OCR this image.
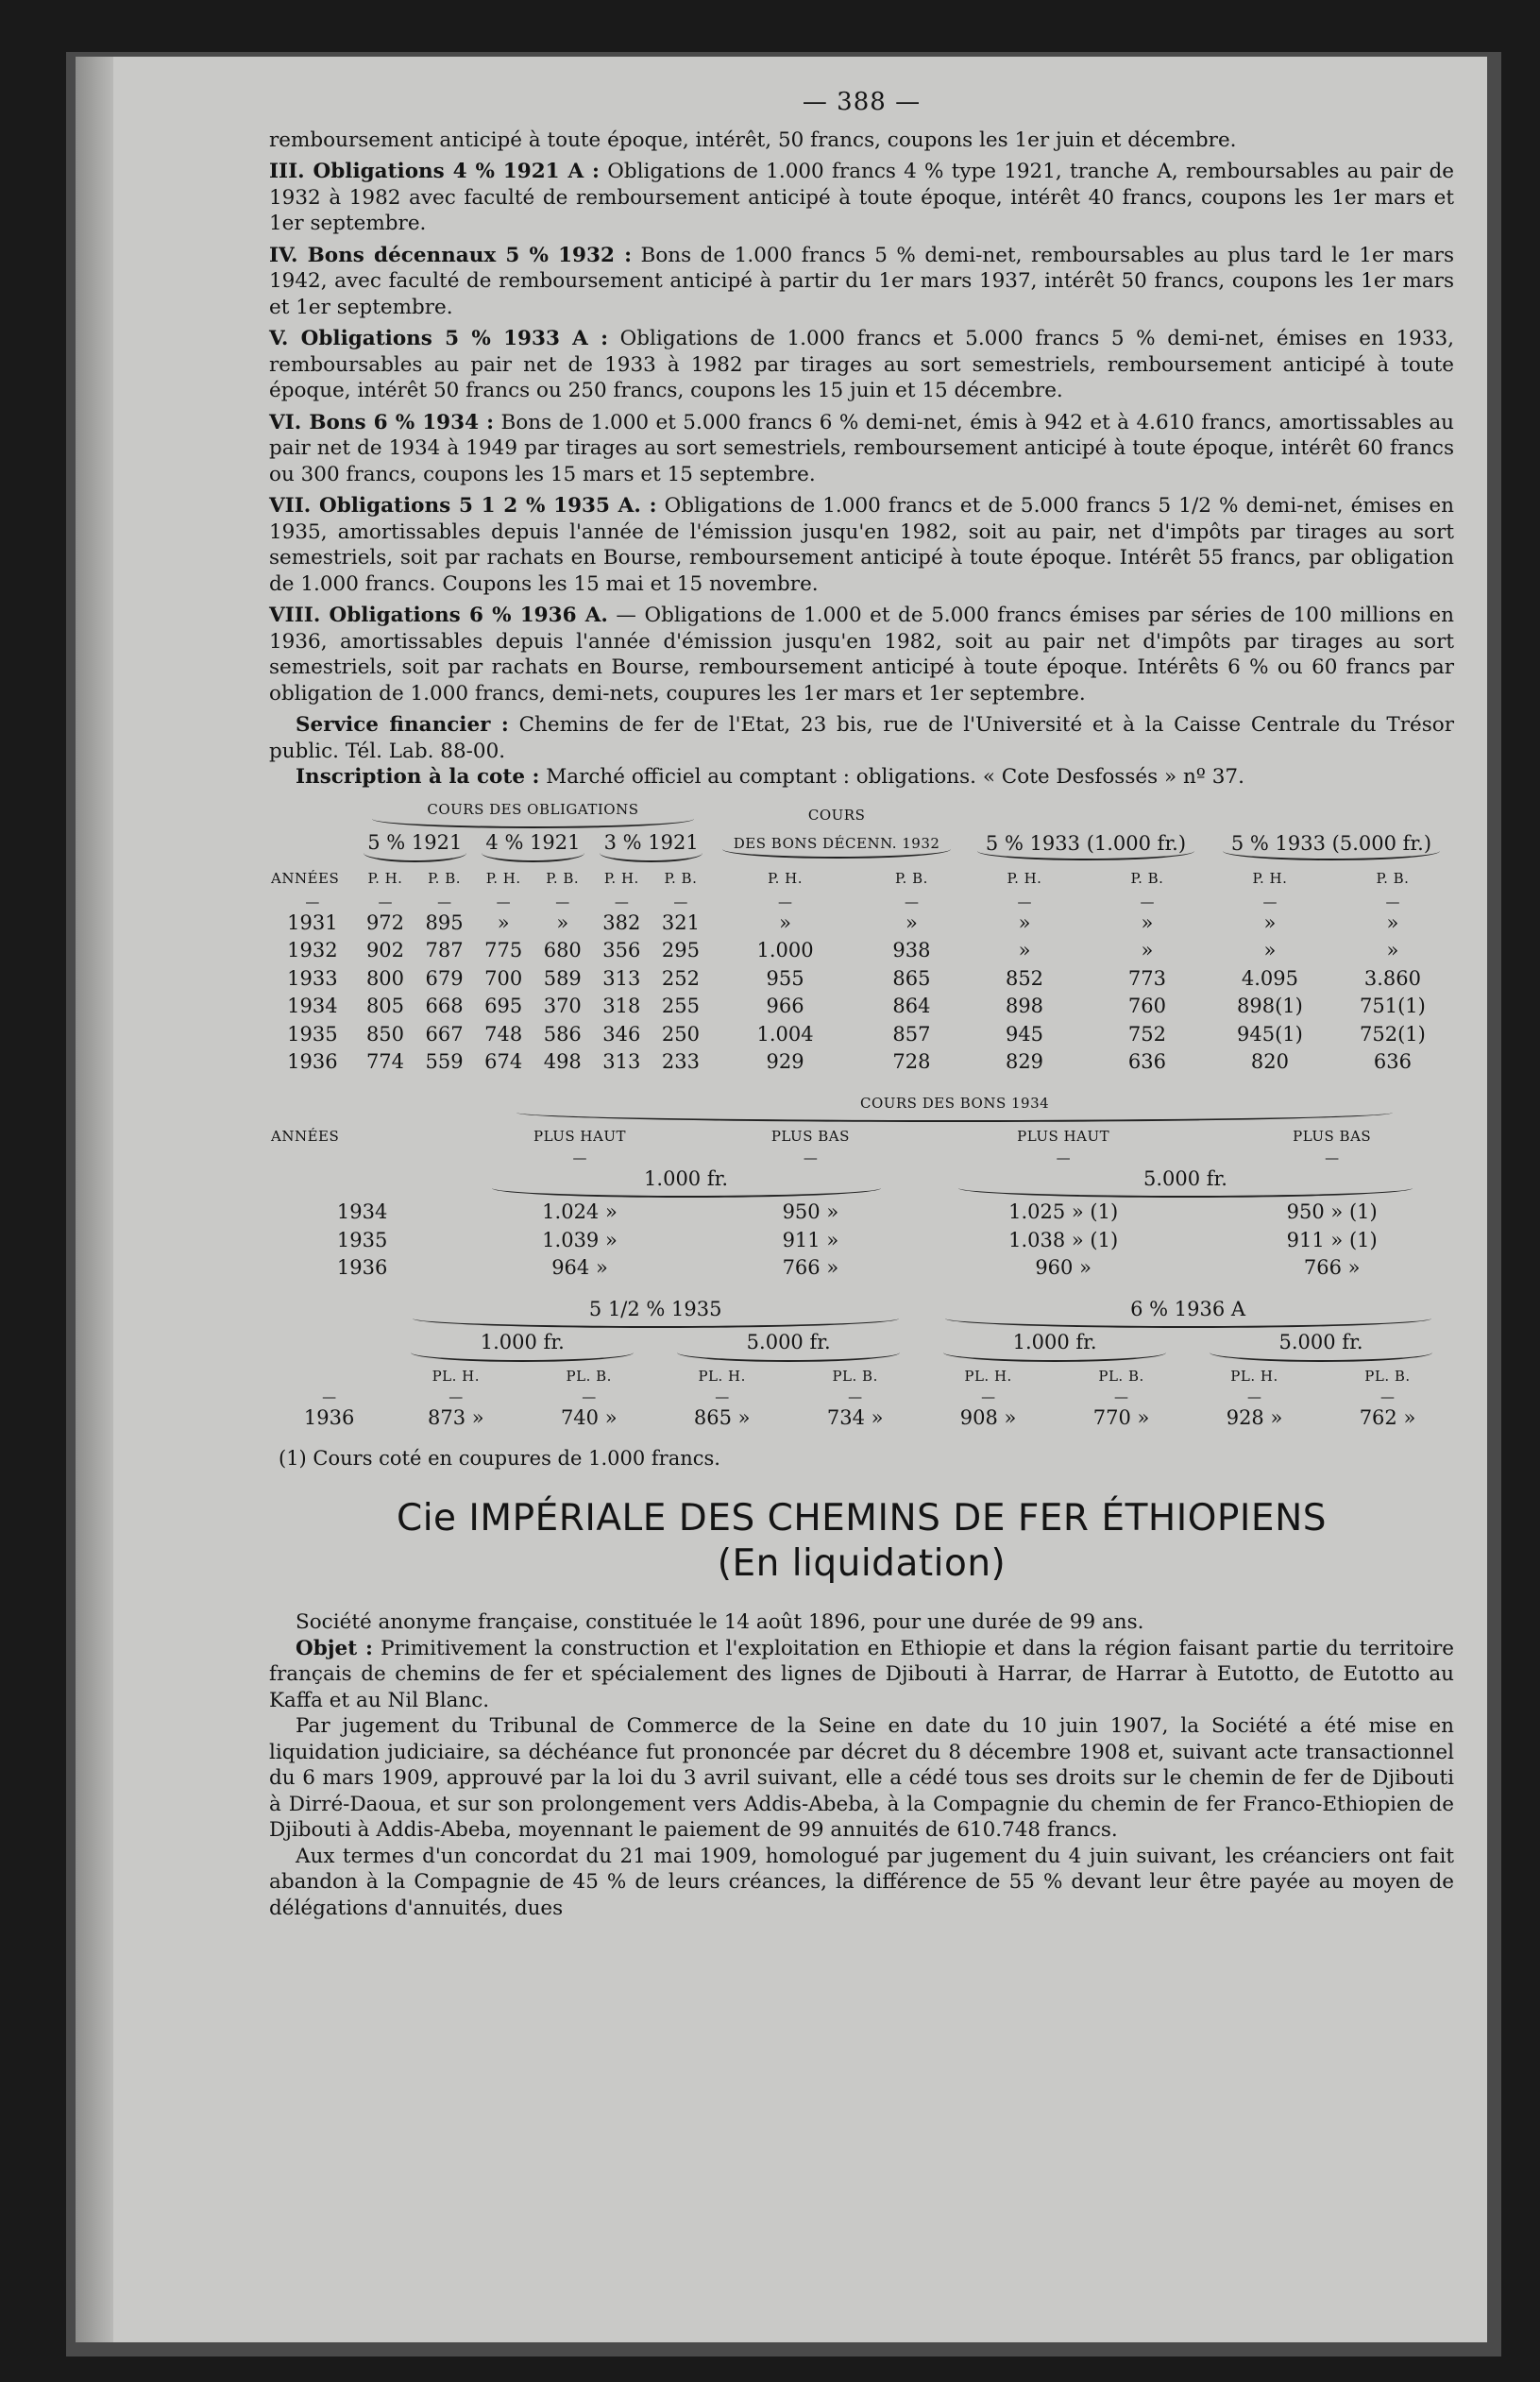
— 388 —

remboursement anticipé à toute époque, intérêt, 50 francs, coupons les 1er juin et décembre.

III. Obligations 4 % 1921 A : Obligations de 1.000 francs 4 % type 1921, tranche A, remboursables au pair de 1932 à 1982 avec faculté de remboursement anticipé à toute époque, intérêt 40 francs, coupons les 1er mars et 1er septembre.

IV. Bons décennaux 5 % 1932 : Bons de 1.000 francs 5 % demi-net, remboursables au plus tard le 1er mars 1942, avec faculté de remboursement anticipé à partir du 1er mars 1937, intérêt 50 francs, coupons les 1er mars et 1er septembre.

V. Obligations 5 % 1933 A : Obligations de 1.000 francs et 5.000 francs 5 % demi-net, émises en 1933, remboursables au pair net de 1933 à 1982 par tirages au sort semestriels, remboursement anticipé à toute époque, intérêt 50 francs ou 250 francs, coupons les 15 juin et 15 décembre.

VI. Bons 6 % 1934 : Bons de 1.000 et 5.000 francs 6 % demi-net, émis à 942 et à 4.610 francs, amortissables au pair net de 1934 à 1949 par tirages au sort semestriels, remboursement anticipé à toute époque, intérêt 60 francs ou 300 francs, coupons les 15 mars et 15 septembre.

VII. Obligations 5 1 2 % 1935 A. : Obligations de 1.000 francs et de 5.000 francs 5 1/2 % demi-net, émises en 1935, amortissables depuis l'année de l'émission jusqu'en 1982, soit au pair, net d'impôts par tirages au sort semestriels, soit par rachats en Bourse, remboursement anticipé à toute époque. Intérêt 55 francs, par obligation de 1.000 francs. Coupons les 15 mai et 15 novembre.

VIII. Obligations 6 % 1936 A. — Obligations de 1.000 et de 5.000 francs émises par séries de 100 millions en 1936, amortissables depuis l'année d'émission jusqu'en 1982, soit au pair net d'impôts par tirages au sort semestriels, soit par rachats en Bourse, remboursement anticipé à toute époque. Intérêts 6 % ou 60 francs par obligation de 1.000 francs, demi-nets, coupures les 1er mars et 1er septembre.

Service financier : Chemins de fer de l'Etat, 23 bis, rue de l'Université et à la Caisse Centrale du Trésor public. Tél. Lab. 88-00.

Inscription à la cote : Marché officiel au comptant : obligations. « Cote Desfossés » nº 37.

	COURS DES OBLIGATIONS						COURS					
	5 % 1921		4 % 1921		3 % 1921		DES BONS DÉCENN. 1932		5 % 1933 (1.000 fr.)		5 % 1933 (5.000 fr.)	
ANNÉES	P. H.	P. B.	P. H.	P. B.	P. H.	P. B.	P. H.	P. B.	P. H.	P. B.	P. H.	P. B.
—	—	—	—	—	—	—	—	—	—	—	—	—
1931	972	895	»	»	382	321	»	»	»	»	»	»
1932	902	787	775	680	356	295	1.000	938	»	»	»	»
1933	800	679	700	589	313	252	955	865	852	773	4.095	3.860
1934	805	668	695	370	318	255	966	864	898	760	898(1)	751(1)
1935	850	667	748	586	346	250	1.004	857	945	752	945(1)	752(1)
1936	774	559	674	498	313	233	929	728	829	636	820	636
	COURS DES BONS 1934			
ANNÉES	PLUS HAUT	PLUS BAS	PLUS HAUT	PLUS BAS
	—	—	—	—
	1.000 fr.		5.000 fr.	
1934	1.024 »	950 »	1.025 » (1)	950 » (1)
1935	1.039 »	911 »	1.038 » (1)	911 » (1)
1936	964 »	766 »	960 »	766 »
	5 1/2 % 1935				6 % 1936 A			
	1.000 fr.		5.000 fr.		1.000 fr.		5.000 fr.	
	PL. H.	PL. B.	PL. H.	PL. B.	PL. H.	PL. B.	PL. H.	PL. B.
—	—	—	—	—	—	—	—	—
1936	873 »	740 »	865 »	734 »	908 »	770 »	928 »	762 »
(1) Cours coté en coupures de 1.000 francs.
Cie IMPÉRIALE DES CHEMINS DE FER ÉTHIOPIENS
(En liquidation)

Société anonyme française, constituée le 14 août 1896, pour une durée de 99 ans.

Objet : Primitivement la construction et l'exploitation en Ethiopie et dans la région faisant partie du territoire français de chemins de fer et spécialement des lignes de Djibouti à Harrar, de Harrar à Eutotto, de Eutotto au Kaffa et au Nil Blanc.

Par jugement du Tribunal de Commerce de la Seine en date du 10 juin 1907, la Société a été mise en liquidation judiciaire, sa déchéance fut prononcée par décret du 8 décembre 1908 et, suivant acte transactionnel du 6 mars 1909, approuvé par la loi du 3 avril suivant, elle a cédé tous ses droits sur le chemin de fer de Djibouti à Dirré-Daoua, et sur son prolongement vers Addis-Abeba, à la Compagnie du chemin de fer Franco-Ethiopien de Djibouti à Addis-Abeba, moyennant le paiement de 99 annuités de 610.748 francs.

Aux termes d'un concordat du 21 mai 1909, homologué par jugement du 4 juin suivant, les créanciers ont fait abandon à la Compagnie de 45 % de leurs créances, la différence de 55 % devant leur être payée au moyen de délégations d'annuités, dues
